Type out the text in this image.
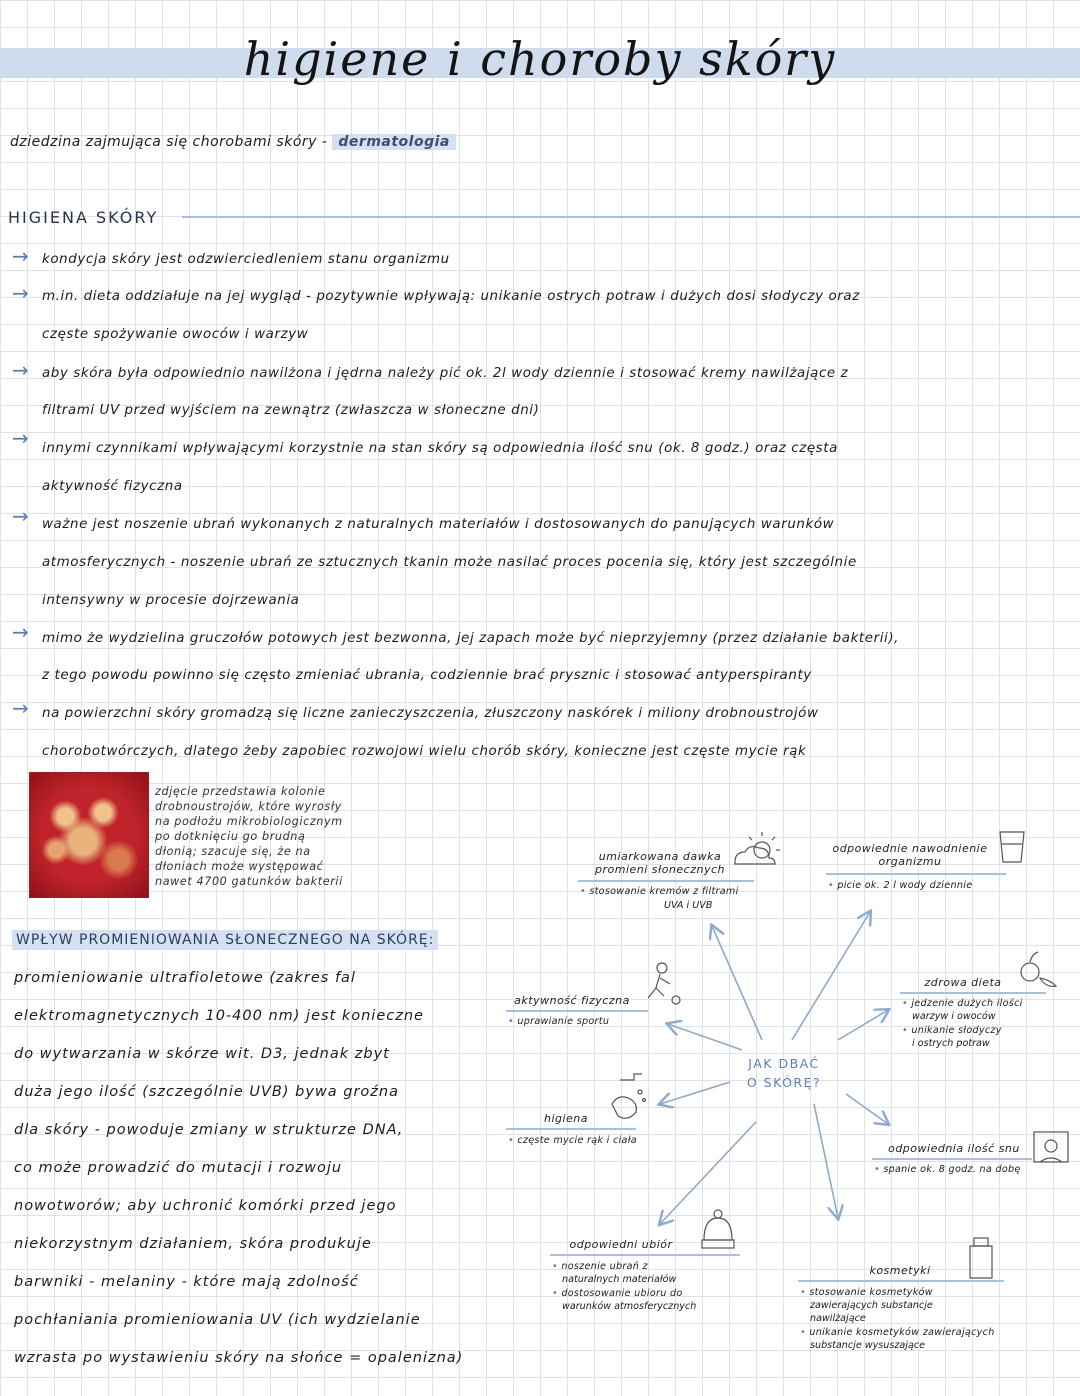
higiene i choroby skóry
dziedzina zajmująca się chorobami skóry - dermatologia
HIGIENA SKÓRY
→
→
→
→
→
→
→
kondycja skóry jest odzwierciedleniem stanu organizmu
m.in. dieta oddziałuje na jej wygląd - pozytywnie wpływają: unikanie ostrych potraw i dużych dosi słodyczy oraz
częste spożywanie owoców i warzyw
aby skóra była odpowiednio nawilżona i jędrna należy pić ok. 2l wody dziennie i stosować kremy nawilżające z
filtrami UV przed wyjściem na zewnątrz (zwłaszcza w słoneczne dni)
innymi czynnikami wpływającymi korzystnie na stan skóry są odpowiednia ilość snu (ok. 8 godz.) oraz częsta
aktywność fizyczna
ważne jest noszenie ubrań wykonanych z naturalnych materiałów i dostosowanych do panujących warunków
atmosferycznych - noszenie ubrań ze sztucznych tkanin może nasilać proces pocenia się, który jest szczególnie
intensywny w procesie dojrzewania
mimo że wydzielina gruczołów potowych jest bezwonna, jej zapach może być nieprzyjemny (przez działanie bakterii),
z tego powodu powinno się często zmieniać ubrania, codziennie brać prysznic i stosować antyperspiranty
na powierzchni skóry gromadzą się liczne zanieczyszczenia, złuszczony naskórek i miliony drobnoustrojów
chorobotwórczych, dlatego żeby zapobiec rozwojowi wielu chorób skóry, konieczne jest częste mycie rąk
zdjęcie przedstawia kolonie
drobnoustrojów, które wyrosły
na podłożu mikrobiologicznym
po dotknięciu go brudną
dłonią; szacuje się, że na
dłoniach może występować
nawet 4700 gatunków bakterii
WPŁYW PROMIENIOWANIA SŁONECZNEGO NA SKÓRĘ:
promieniowanie ultrafioletowe (zakres fal
elektromagnetycznych 10-400 nm) jest konieczne
do wytwarzania w skórze wit. D3, jednak zbyt
duża jego ilość (szczególnie UVB) bywa groźna
dla skóry - powoduje zmiany w strukturze DNA,
co może prowadzić do mutacji i rozwoju
nowotworów; aby uchronić komórki przed jego
niekorzystnym działaniem, skóra produkuje
barwniki - melaniny - które mają zdolność
pochłaniania promieniowania UV (ich wydzielanie
wzrasta po wystawieniu skóry na słońce = opalenizna)
JAK DBAĆ
O SKÓRĘ?
umiarkowana dawka
promieni słonecznych
• stosowanie kremów z filtrami
UVA i UVB
odpowiednie nawodnienie
organizmu
• picie ok. 2 l wody dziennie
aktywność fizyczna
• uprawianie sportu
zdrowa dieta
• jedzenie dużych ilości
warzyw i owoców
• unikanie słodyczy
i ostrych potraw
higiena
• częste mycie rąk i ciała
odpowiednia ilość snu
• spanie ok. 8 godz. na dobę
odpowiedni ubiór
• noszenie ubrań z
naturalnych materiałów
• dostosowanie ubioru do
warunków atmosferycznych
kosmetyki
• stosowanie kosmetyków
zawierających substancje
nawilżające
• unikanie kosmetyków zawierających
substancje wysuszające
